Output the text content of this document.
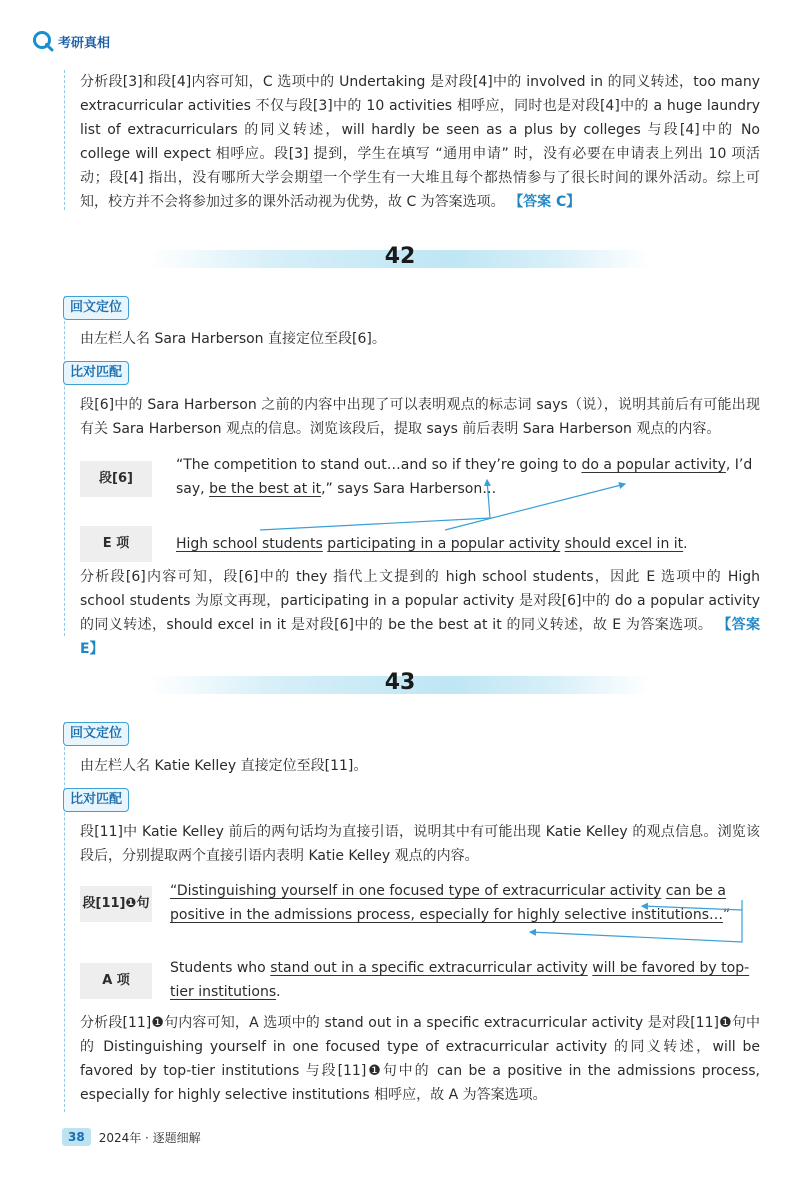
考研真相

分析段[3]和段[4]内容可知，C 选项中的 Undertaking 是对段[4]中的 involved in 的同义转述，too many extracurricular activities 不仅与段[3]中的 10 activities 相呼应，同时也是对段[4]中的 a huge laundry list of extracurriculars 的同义转述，will hardly be seen as a plus by colleges 与段[4]中的 No college will expect 相呼应。段[3] 提到，学生在填写 “通用申请” 时，没有必要在申请表上列出 10 项活动；段[4] 指出，没有哪所大学会期望一个学生有一大堆且每个都热情参与了很长时间的课外活动。综上可知，校方并不会将参加过多的课外活动视为优势，故 C 为答案选项。 【答案 C】

42
回文定位

由左栏人名 Sara Harberson 直接定位至段[6]。

比对匹配

段[6]中的 Sara Harberson 之前的内容中出现了可以表明观点的标志词 says（说），说明其前后有可能出现有关 Sara Harberson 观点的信息。浏览该段后，提取 says 前后表明 Sara Harberson 观点的内容。

段[6]

“The competition to stand out…and so if they’re going to do a popular activity, I’d say, be the best at it,” says Sara Harberson…

E 项	High school students participating in a popular activity should excel in it.

分析段[6]内容可知，段[6]中的 they 指代上文提到的 high school students，因此 E 选项中的 High school students 为原文再现，participating in a popular activity 是对段[6]中的 do a popular activity 的同义转述，should excel in it 是对段[6]中的 be the best at it 的同义转述，故 E 为答案选项。 【答案 E】

43
回文定位

由左栏人名 Katie Kelley 直接定位至段[11]。

比对匹配

段[11]中 Katie Kelley 前后的两句话均为直接引语，说明其中有可能出现 Katie Kelley 的观点信息。浏览该段后，分别提取两个直接引语内表明 Katie Kelley 观点的内容。

段[11]❶句

“Distinguishing yourself in one focused type of extracurricular activity can be a positive in the admissions process, especially for highly selective institutions…”

A 项

Students who stand out in a specific extracurricular activity will be favored by top-tier institutions.

分析段[11]❶句内容可知，A 选项中的 stand out in a specific extracurricular activity 是对段[11]❶句中的 Distinguishing yourself in one focused type of extracurricular activity 的同义转述，will be favored by top-tier institutions 与段[11]❶句中的 can be a positive in the admissions process, especially for highly selective institutions 相呼应，故 A 为答案选项。

38	2024年 · 逐题细解
